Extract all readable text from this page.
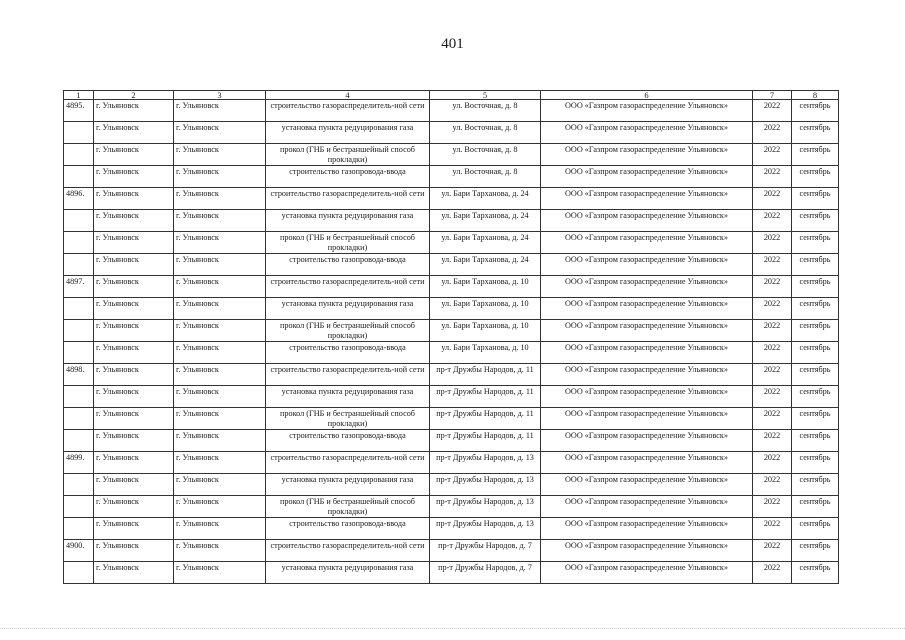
401
1	2	3	4	5	6	7	8
4895.	г. Ульяновск	г. Ульяновск	строительство газораспределитель-ной сети	ул. Восточная, д. 8	ООО «Газпром газораспределение Ульяновск»	2022	сентябрь
	г. Ульяновск	г. Ульяновск	установка пункта редуцирования газа	ул. Восточная, д. 8	ООО «Газпром газораспределение Ульяновск»	2022	сентябрь
	г. Ульяновск	г. Ульяновск	прокол (ГНБ и бестраншейный способ прокладки)	ул. Восточная, д. 8	ООО «Газпром газораспределение Ульяновск»	2022	сентябрь
	г. Ульяновск	г. Ульяновск	строительство газопровода-ввода	ул. Восточная, д. 8	ООО «Газпром газораспределение Ульяновск»	2022	сентябрь
4896.	г. Ульяновск	г. Ульяновск	строительство газораспределитель-ной сети	ул. Бари Тарханова, д. 24	ООО «Газпром газораспределение Ульяновск»	2022	сентябрь
	г. Ульяновск	г. Ульяновск	установка пункта редуцирования газа	ул. Бари Тарханова, д. 24	ООО «Газпром газораспределение Ульяновск»	2022	сентябрь
	г. Ульяновск	г. Ульяновск	прокол (ГНБ и бестраншейный способ прокладки)	ул. Бари Тарханова, д. 24	ООО «Газпром газораспределение Ульяновск»	2022	сентябрь
	г. Ульяновск	г. Ульяновск	строительство газопровода-ввода	ул. Бари Тарханова, д. 24	ООО «Газпром газораспределение Ульяновск»	2022	сентябрь
4897.	г. Ульяновск	г. Ульяновск	строительство газораспределитель-ной сети	ул. Бари Тарханова, д. 10	ООО «Газпром газораспределение Ульяновск»	2022	сентябрь
	г. Ульяновск	г. Ульяновск	установка пункта редуцирования газа	ул. Бари Тарханова, д. 10	ООО «Газпром газораспределение Ульяновск»	2022	сентябрь
	г. Ульяновск	г. Ульяновск	прокол (ГНБ и бестраншейный способ прокладки)	ул. Бари Тарханова, д. 10	ООО «Газпром газораспределение Ульяновск»	2022	сентябрь
	г. Ульяновск	г. Ульяновск	строительство газопровода-ввода	ул. Бари Тарханова, д. 10	ООО «Газпром газораспределение Ульяновск»	2022	сентябрь
4898.	г. Ульяновск	г. Ульяновск	строительство газораспределитель-ной сети	пр-т Дружбы Народов, д. 11	ООО «Газпром газораспределение Ульяновск»	2022	сентябрь
	г. Ульяновск	г. Ульяновск	установка пункта редуцирования газа	пр-т Дружбы Народов, д. 11	ООО «Газпром газораспределение Ульяновск»	2022	сентябрь
	г. Ульяновск	г. Ульяновск	прокол (ГНБ и бестраншейный способ прокладки)	пр-т Дружбы Народов, д. 11	ООО «Газпром газораспределение Ульяновск»	2022	сентябрь
	г. Ульяновск	г. Ульяновск	строительство газопровода-ввода	пр-т Дружбы Народов, д. 11	ООО «Газпром газораспределение Ульяновск»	2022	сентябрь
4899.	г. Ульяновск	г. Ульяновск	строительство газораспределитель-ной сети	пр-т Дружбы Народов, д. 13	ООО «Газпром газораспределение Ульяновск»	2022	сентябрь
	г. Ульяновск	г. Ульяновск	установка пункта редуцирования газа	пр-т Дружбы Народов, д. 13	ООО «Газпром газораспределение Ульяновск»	2022	сентябрь
	г. Ульяновск	г. Ульяновск	прокол (ГНБ и бестраншейный способ прокладки)	пр-т Дружбы Народов, д. 13	ООО «Газпром газораспределение Ульяновск»	2022	сентябрь
	г. Ульяновск	г. Ульяновск	строительство газопровода-ввода	пр-т Дружбы Народов, д. 13	ООО «Газпром газораспределение Ульяновск»	2022	сентябрь
4900.	г. Ульяновск	г. Ульяновск	строительство газораспределитель-ной сети	пр-т Дружбы Народов, д. 7	ООО «Газпром газораспределение Ульяновск»	2022	сентябрь
	г. Ульяновск	г. Ульяновск	установка пункта редуцирования газа	пр-т Дружбы Народов, д. 7	ООО «Газпром газораспределение Ульяновск»	2022	сентябрь
